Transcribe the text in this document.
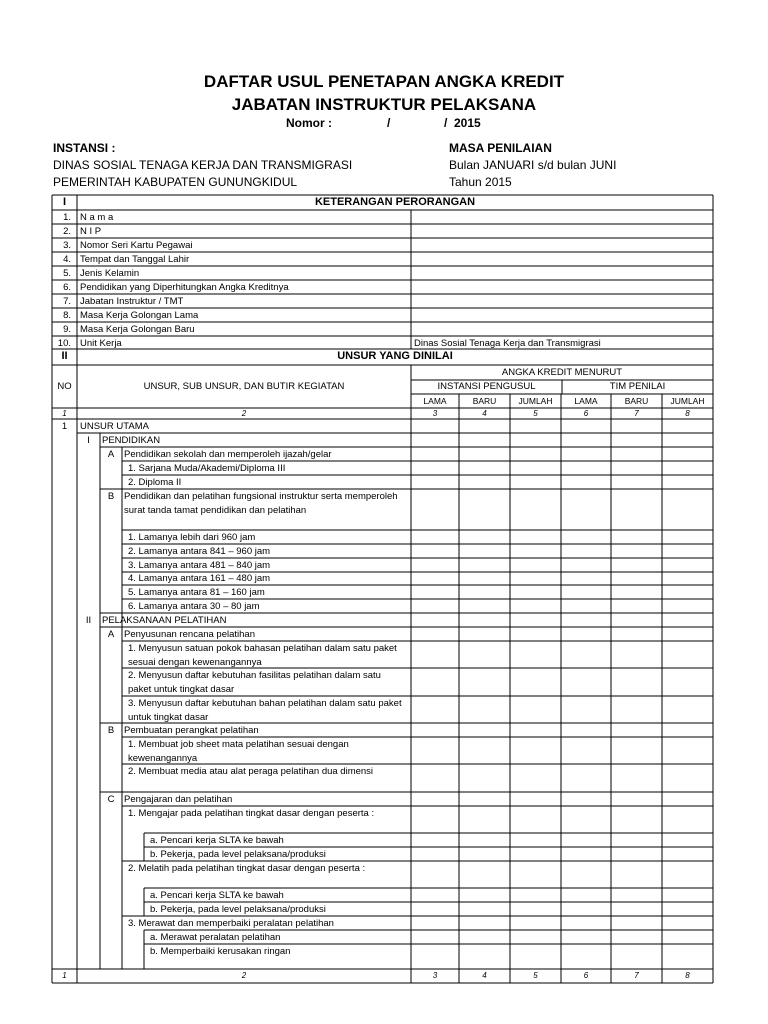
DAFTAR USUL PENETAPAN ANGKA KREDIT
JABATAN INSTRUKTUR PELAKSANA
Nomor :	/	/ 2015
INSTANSI :
DINAS SOSIAL TENAGA KERJA DAN TRANSMIGRASI
PEMERINTAH KABUPATEN GUNUNGKIDUL
MASA PENILAIAN
Bulan JANUARI s/d bulan JUNI
Tahun 2015
I	KETERANGAN PERORANGAN
1. N a m a
2. N I P
3. Nomor Seri Kartu Pegawai
4. Tempat dan Tanggal Lahir
5. Jenis Kelamin
6. Pendidikan yang Diperhitungkan Angka Kreditnya
7. Jabatan Instruktur / TMT
8. Masa Kerja Golongan Lama
9. Masa Kerja Golongan Baru
10. Unit Kerja	Dinas Sosial Tenaga Kerja dan Transmigrasi
II	UNSUR YANG DINILAI
NO	UNSUR, SUB UNSUR, DAN BUTIR KEGIATAN
ANGKA KREDIT MENURUT
INSTANSI PENGUSUL	TIM PENILAI
LAMA	BARU	JUMLAH	LAMA	BARU	JUMLAH
1	2	3	4	5	6	7	8
1	2	3	4	5	6	7	8
1	UNSUR UTAMA
I	PENDIDIKAN
A	Pendidikan sekolah dan memperoleh ijazah/gelar
1. Sarjana Muda/Akademi/Diploma III
2. Diploma II
B	Pendidikan dan pelatihan fungsional instruktur serta memperoleh surat tanda tamat pendidikan dan pelatihan
1. Lamanya lebih dari 960 jam
2. Lamanya antara 841 – 960 jam
3. Lamanya antara 481 – 840 jam
4. Lamanya antara 161 – 480 jam
5. Lamanya antara 81 – 160 jam
6. Lamanya antara 30 – 80 jam
II	PELAKSANAAN PELATIHAN
A	Penyusunan rencana pelatihan
1. Menyusun satuan pokok bahasan pelatihan dalam satu paket sesuai dengan kewenangannya
2. Menyusun daftar kebutuhan fasilitas pelatihan dalam satu paket untuk tingkat dasar
3. Menyusun daftar kebutuhan bahan pelatihan dalam satu paket untuk tingkat dasar
B	Pembuatan perangkat pelatihan
1. Membuat job sheet mata pelatihan sesuai dengan kewenangannya
2. Membuat media atau alat peraga pelatihan dua dimensi
C	Pengajaran dan pelatihan
1. Mengajar pada pelatihan tingkat dasar dengan peserta :
a. Pencari kerja SLTA ke bawah
b. Pekerja, pada level pelaksana/produksi
2. Melatih pada pelatihan tingkat dasar dengan peserta :
a. Pencari kerja SLTA ke bawah
b. Pekerja, pada level pelaksana/produksi
3. Merawat dan memperbaiki peralatan pelatihan
a. Merawat peralatan pelatihan
b. Memperbaiki kerusakan ringan
